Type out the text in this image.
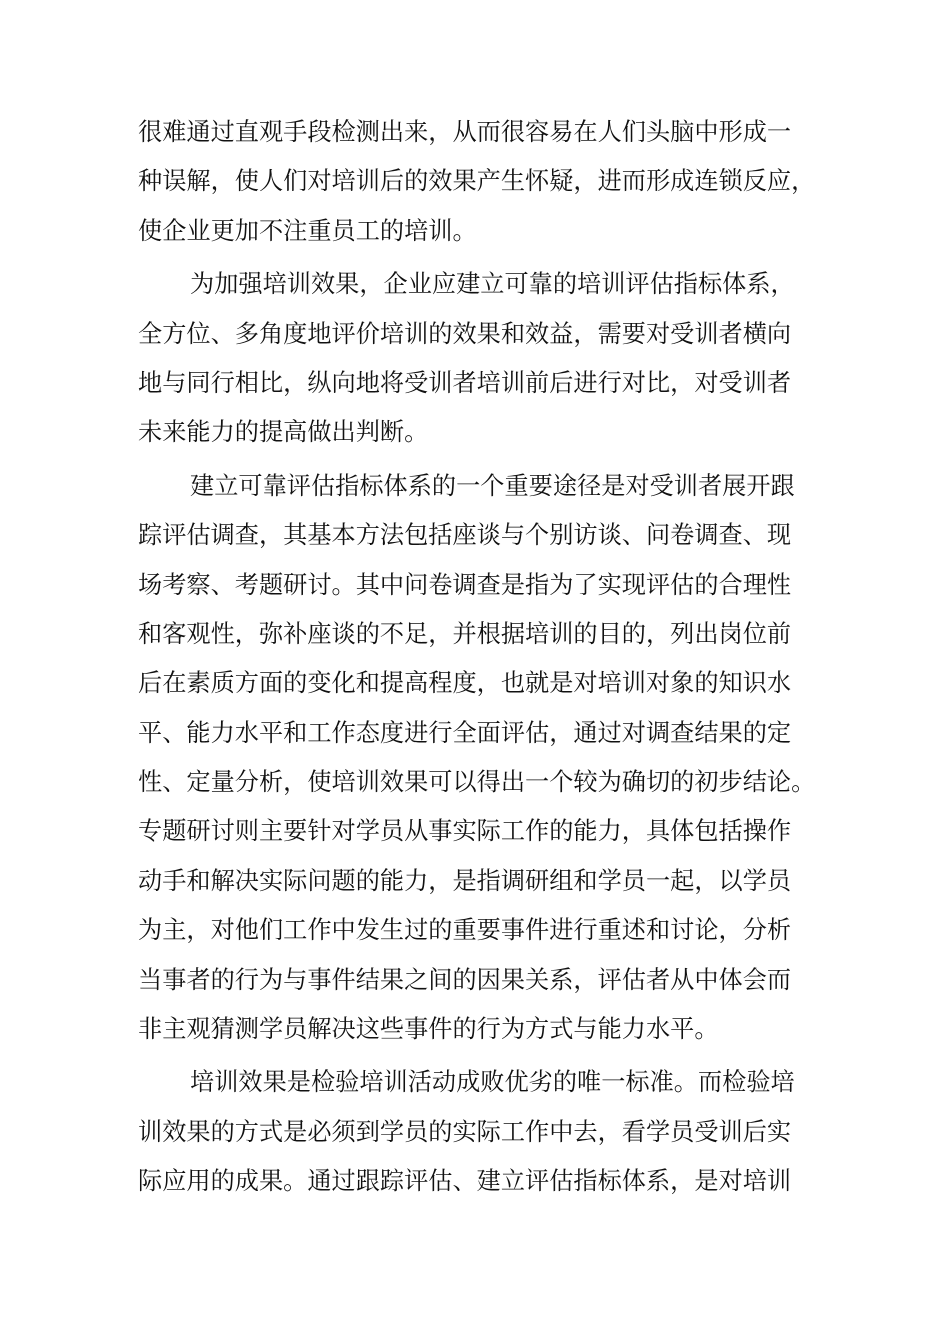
很难通过直观手段检测出来，从而很容易在人们头脑中形成一
种误解，使人们对培训后的效果产生怀疑，进而形成连锁反应，
使企业更加不注重员工的培训。
为加强培训效果，企业应建立可靠的培训评估指标体系，
全方位、多角度地评价培训的效果和效益，需要对受训者横向
地与同行相比，纵向地将受训者培训前后进行对比，对受训者
未来能力的提高做出判断。
建立可靠评估指标体系的一个重要途径是对受训者展开跟
踪评估调查，其基本方法包括座谈与个别访谈、问卷调查、现
场考察、考题研讨。其中问卷调查是指为了实现评估的合理性
和客观性，弥补座谈的不足，并根据培训的目的，列出岗位前
后在素质方面的变化和提高程度，也就是对培训对象的知识水
平、能力水平和工作态度进行全面评估，通过对调查结果的定
性、定量分析，使培训效果可以得出一个较为确切的初步结论。
专题研讨则主要针对学员从事实际工作的能力，具体包括操作
动手和解决实际问题的能力，是指调研组和学员一起，以学员
为主，对他们工作中发生过的重要事件进行重述和讨论，分析
当事者的行为与事件结果之间的因果关系，评估者从中体会而
非主观猜测学员解决这些事件的行为方式与能力水平。
培训效果是检验培训活动成败优劣的唯一标准。而检验培
训效果的方式是必须到学员的实际工作中去，看学员受训后实
际应用的成果。通过跟踪评估、建立评估指标体系，是对培训
